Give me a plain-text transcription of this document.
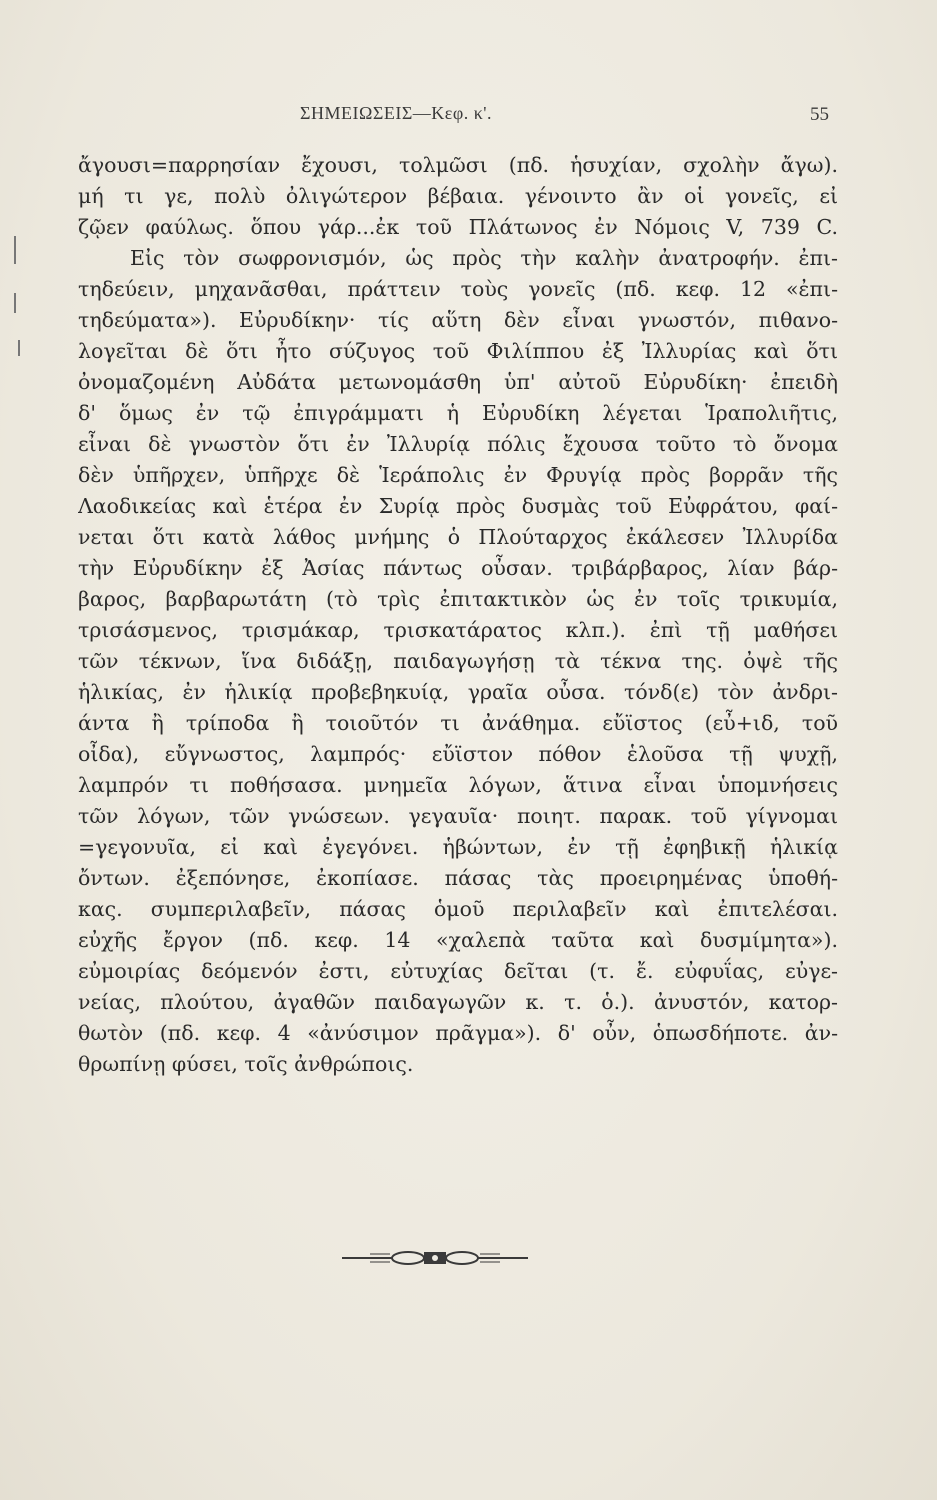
ΣΗΜΕΙΩΣΕΙΣ—Κεφ. κ'.	55
ἄγουσι=παρρησίαν ἔχουσι, τολμῶσι (πδ. ἡσυχίαν, σχολὴν ἄγω).
μή τι γε, πολὺ ὀλιγώτερον βέβαια. γένοιντο ἂν οἱ γονεῖς, εἰ
ζῷεν φαύλως. ὅπου γάρ...ἐκ τοῦ Πλάτωνος ἐν Νόμοις V, 739 C.
Εἰς τὸν σωφρονισμόν, ὡς πρὸς τὴν καλὴν ἀνατροφήν. ἐπι-
τηδεύειν, μηχανᾶσθαι, πράττειν τοὺς γονεῖς (πδ. κεφ. 12 «ἐπι-
τηδεύματα»). Εὐρυδίκην· τίς αὕτη δὲν εἶναι γνωστόν, πιθανο-
λογεῖται δὲ ὅτι ἦτο σύζυγος τοῦ Φιλίππου ἐξ Ἰλλυρίας καὶ ὅτι
ὀνομαζομένη Αὐδάτα μετωνομάσθη ὑπ' αὐτοῦ Εὐρυδίκη· ἐπειδὴ
δ' ὅμως ἐν τῷ ἐπιγράμματι ἡ Εὐρυδίκη λέγεται Ἱραπολιῆτις,
εἶναι δὲ γνωστὸν ὅτι ἐν Ἰλλυρίᾳ πόλις ἔχουσα τοῦτο τὸ ὄνομα
δὲν ὑπῆρχεν, ὑπῆρχε δὲ Ἱεράπολις ἐν Φρυγίᾳ πρὸς βορρᾶν τῆς
Λαοδικείας καὶ ἑτέρα ἐν Συρίᾳ πρὸς δυσμὰς τοῦ Εὐφράτου, φαί-
νεται ὅτι κατὰ λάθος μνήμης ὁ Πλούταρχος ἐκάλεσεν Ἰλλυρίδα
τὴν Εὐρυδίκην ἐξ Ἀσίας πάντως οὖσαν. τριβάρβαρος, λίαν βάρ-
βαρος, βαρβαρωτάτη (τὸ τρὶς ἐπιτακτικὸν ὡς ἐν τοῖς τρικυμία,
τρισάσμενος, τρισμάκαρ, τρισκατάρατος κλπ.). ἐπὶ τῇ μαθήσει
τῶν τέκνων, ἵνα διδάξῃ, παιδαγωγήσῃ τὰ τέκνα της. ὀψὲ τῆς
ἡλικίας, ἐν ἡλικίᾳ προβεβηκυίᾳ, γραῖα οὖσα. τόνδ(ε) τὸν ἀνδρι-
άντα ἢ τρίποδα ἢ τοιοῦτόν τι ἀνάθημα. εὔϊστος (εὖ+ιδ, τοῦ
οἶδα), εὔγνωστος, λαμπρός· εὔϊστον πόθον ἑλοῦσα τῇ ψυχῇ,
λαμπρόν τι ποθήσασα. μνημεῖα λόγων, ἅτινα εἶναι ὑπομνήσεις
τῶν λόγων, τῶν γνώσεων. γεγαυῖα· ποιητ. παρακ. τοῦ γίγνομαι
=γεγονυῖα, εἰ καὶ ἐγεγόνει. ἡβώντων, ἐν τῇ ἐφηβικῇ ἡλικίᾳ
ὄντων. ἐξεπόνησε, ἐκοπίασε. πάσας τὰς προειρημένας ὑποθή-
κας. συμπεριλαβεῖν, πάσας ὁμοῦ περιλαβεῖν καὶ ἐπιτελέσαι.
εὐχῆς ἔργον (πδ. κεφ. 14 «χαλεπὰ ταῦτα καὶ δυσμίμητα»).
εὐμοιρίας δεόμενόν ἐστι, εὐτυχίας δεῖται (τ. ἔ. εὐφυΐας, εὐγε-
νείας, πλούτου, ἀγαθῶν παιδαγωγῶν κ. τ. ὁ.). ἀνυστόν, κατορ-
θωτὸν (πδ. κεφ. 4 «ἀνύσιμον πρᾶγμα»). δ' οὖν, ὁπωσδήποτε. ἀν-
θρωπίνῃ φύσει, τοῖς ἀνθρώποις.
